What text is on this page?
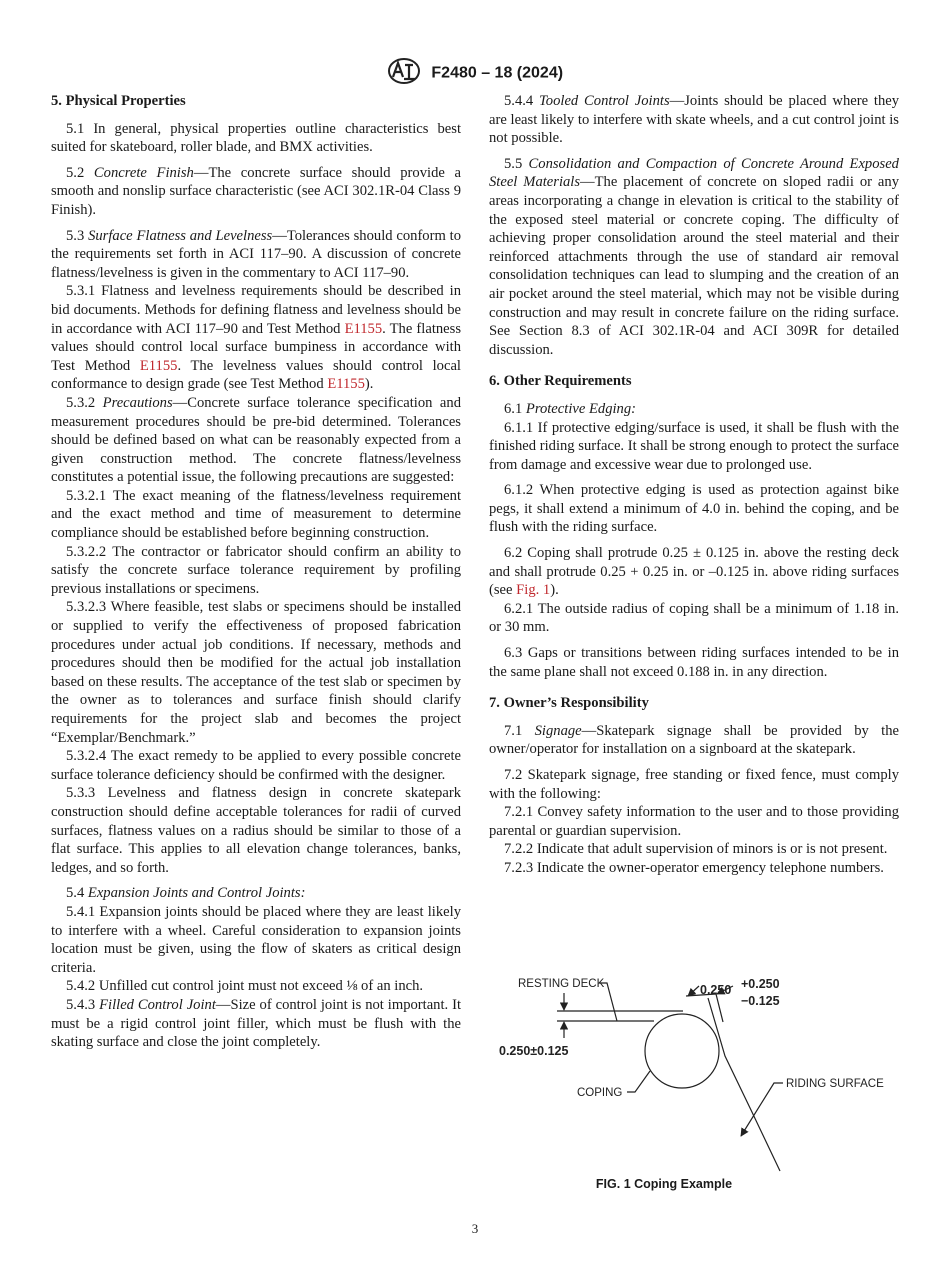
F2480 – 18 (2024)
5. Physical Properties

5.1 In general, physical properties outline characteristics best suited for skateboard, roller blade, and BMX activities.

5.2 Concrete Finish—The concrete surface should provide a smooth and nonslip surface characteristic (see ACI 302.1R-04 Class 9 Finish).

5.3 Surface Flatness and Levelness—Tolerances should conform to the requirements set forth in ACI 117–90. A discussion of concrete flatness/levelness is given in the commentary to ACI 117–90.

5.3.1 Flatness and levelness requirements should be described in bid documents. Methods for defining flatness and levelness should be in accordance with ACI 117–90 and Test Method E1155. The flatness values should control local surface bumpiness in accordance with Test Method E1155. The levelness values should control local conformance to design grade (see Test Method E1155).

5.3.2 Precautions—Concrete surface tolerance specification and measurement procedures should be pre-bid determined. Tolerances should be defined based on what can be reasonably expected from a given construction method. The concrete flatness/levelness constitutes a potential issue, the following precautions are suggested:

5.3.2.1 The exact meaning of the flatness/levelness requirement and the exact method and time of measurement to determine compliance should be established before beginning construction.

5.3.2.2 The contractor or fabricator should confirm an ability to satisfy the concrete surface tolerance requirement by profiling previous installations or specimens.

5.3.2.3 Where feasible, test slabs or specimens should be installed or supplied to verify the effectiveness of proposed fabrication procedures under actual job conditions. If necessary, methods and procedures should then be modified for the actual job installation based on these results. The acceptance of the test slab or specimen by the owner as to tolerances and surface finish should clarify requirements for the project slab and becomes the project “Exemplar/Benchmark.”

5.3.2.4 The exact remedy to be applied to every possible concrete surface tolerance deficiency should be confirmed with the designer.

5.3.3 Levelness and flatness design in concrete skatepark construction should define acceptable tolerances for radii of curved surfaces, flatness values on a radius should be similar to those of a flat surface. This applies to all elevation change tolerances, banks, ledges, and so forth.

5.4 Expansion Joints and Control Joints:

5.4.1 Expansion joints should be placed where they are least likely to interfere with a wheel. Careful consideration to expansion joints location must be given, using the flow of skaters as critical design criteria.

5.4.2 Unfilled cut control joint must not exceed ⅛ of an inch.

5.4.3 Filled Control Joint—Size of control joint is not important. It must be a rigid control joint filler, which must be flush with the skating surface and close the joint completely.

5.4.4 Tooled Control Joints—Joints should be placed where they are least likely to interfere with skate wheels, and a cut control joint is not possible.

5.5 Consolidation and Compaction of Concrete Around Exposed Steel Materials—The placement of concrete on sloped radii or any areas incorporating a change in elevation is critical to the stability of the exposed steel material or concrete coping. The difficulty of achieving proper consolidation around the steel material and their reinforced attachments through the use of standard air removal consolidation techniques can lead to slumping and the creation of an air pocket around the steel material, which may not be visible during construction and may result in concrete failure on the riding surface. See Section 8.3 of ACI 302.1R-04 and ACI 309R for detailed discussion.

6. Other Requirements

6.1 Protective Edging:

6.1.1 If protective edging/surface is used, it shall be flush with the finished riding surface. It shall be strong enough to protect the surface from damage and excessive wear due to prolonged use.

6.1.2 When protective edging is used as protection against bike pegs, it shall extend a minimum of 4.0 in. behind the coping, and be flush with the riding surface.

6.2 Coping shall protrude 0.25 ± 0.125 in. above the resting deck and shall protrude 0.25 + 0.25 in. or –0.125 in. above riding surfaces (see Fig. 1).

6.2.1 The outside radius of coping shall be a minimum of 1.18 in. or 30 mm.

6.3 Gaps or transitions between riding surfaces intended to be in the same plane shall not exceed 0.188 in. in any direction.

7. Owner’s Responsibility

7.1 Signage—Skatepark signage shall be provided by the owner/operator for installation on a signboard at the skatepark.

7.2 Skatepark signage, free standing or fixed fence, must comply with the following:

7.2.1 Convey safety information to the user and to those providing parental or guardian supervision.

7.2.2 Indicate that adult supervision of minors is or is not present.

7.2.3 Indicate the owner-operator emergency telephone numbers.

RESTING DECK	0.250 +0.250
−0.125
0.250±0.125
COPING
RIDING SURFACE
FIG. 1 Coping Example
3
